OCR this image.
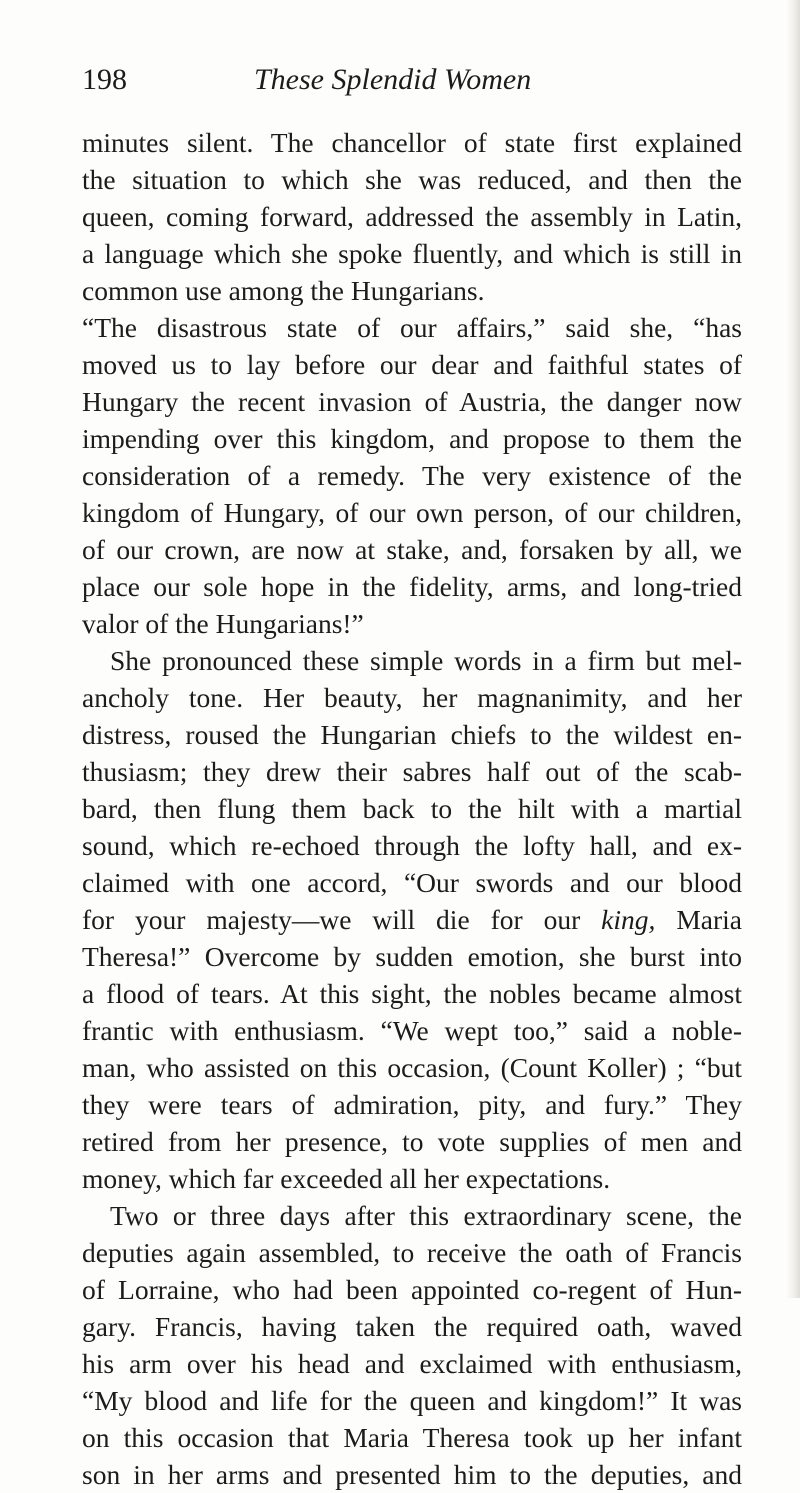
198	These Splendid Women
minutes silent. The chancellor of state first explained
the situation to which she was reduced, and then the
queen, coming forward, addressed the assembly in Latin,
a language which she spoke fluently, and which is still in
common use among the Hungarians.
“The disastrous state of our affairs,” said she, “has
moved us to lay before our dear and faithful states of
Hungary the recent invasion of Austria, the danger now
impending over this kingdom, and propose to them the
consideration of a remedy. The very existence of the
kingdom of Hungary, of our own person, of our children,
of our crown, are now at stake, and, forsaken by all, we
place our sole hope in the fidelity, arms, and long-tried
valor of the Hungarians!”
She pronounced these simple words in a firm but mel-
ancholy tone. Her beauty, her magnanimity, and her
distress, roused the Hungarian chiefs to the wildest en-
thusiasm; they drew their sabres half out of the scab-
bard, then flung them back to the hilt with a martial
sound, which re-echoed through the lofty hall, and ex-
claimed with one accord, “Our swords and our blood
for your majesty—we will die for our king, Maria
Theresa!” Overcome by sudden emotion, she burst into
a flood of tears. At this sight, the nobles became almost
frantic with enthusiasm. “We wept too,” said a noble-
man, who assisted on this occasion, (Count Koller) ; “but
they were tears of admiration, pity, and fury.” They
retired from her presence, to vote supplies of men and
money, which far exceeded all her expectations.
Two or three days after this extraordinary scene, the
deputies again assembled, to receive the oath of Francis
of Lorraine, who had been appointed co-regent of Hun-
gary. Francis, having taken the required oath, waved
his arm over his head and exclaimed with enthusiasm,
“My blood and life for the queen and kingdom!” It was
on this occasion that Maria Theresa took up her infant
son in her arms and presented him to the deputies, and
